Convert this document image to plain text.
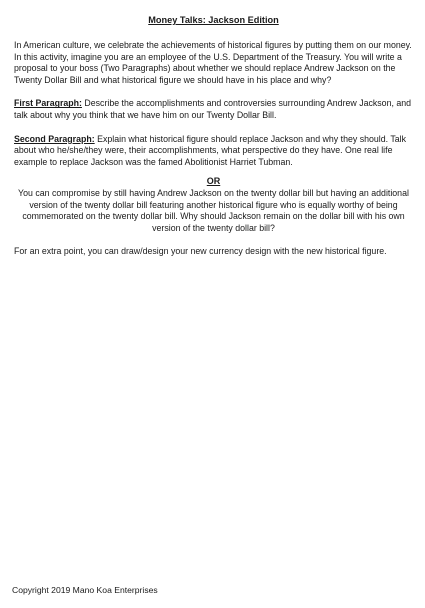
Money Talks: Jackson Edition

In American culture, we celebrate the achievements of historical figures by putting them on our money. In this activity, imagine you are an employee of the U.S. Department of the Treasury. You will write a proposal to your boss (Two Paragraphs) about whether we should replace Andrew Jackson on the Twenty Dollar Bill and what historical figure we should have in his place and why?

First Paragraph: Describe the accomplishments and controversies surrounding Andrew Jackson, and talk about why you think that we have him on our Twenty Dollar Bill.

Second Paragraph: Explain what historical figure should replace Jackson and why they should. Talk about who he/she/they were, their accomplishments, what perspective do they have. One real life example to replace Jackson was the famed Abolitionist Harriet Tubman.

OR

You can compromise by still having Andrew Jackson on the twenty dollar bill but having an additional version of the twenty dollar bill featuring another historical figure who is equally worthy of being commemorated on the twenty dollar bill. Why should Jackson remain on the dollar bill with his own version of the twenty dollar bill?

For an extra point, you can draw/design your new currency design with the new historical figure.

Copyright 2019 Mano Koa Enterprises
